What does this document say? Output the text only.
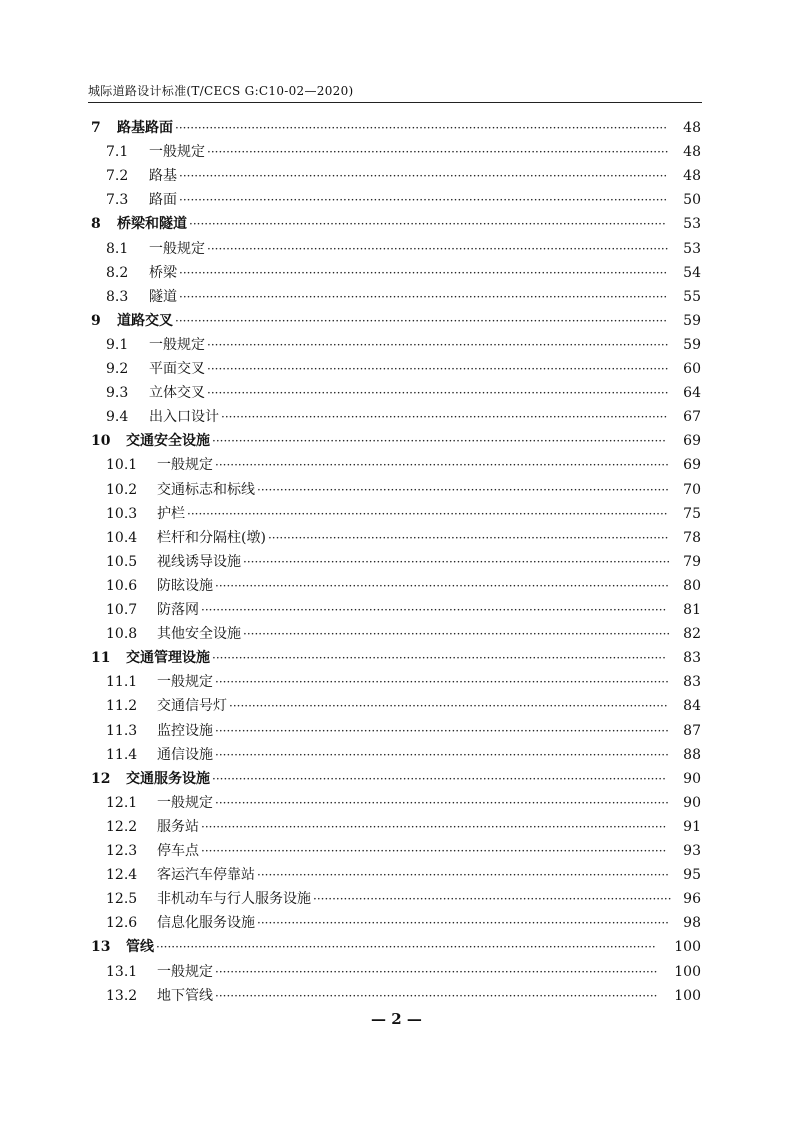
城际道路设计标准(T/CECS G:C10-02—2020)
7 路基路面 ·································································································································	48
7.1 一般规定 ·························································································································	48
7.2 路基 ································································································································	48
7.3 路面 ································································································································	50
8 桥梁和隧道 ·····························································································································	53
8.1 一般规定 ·························································································································	53
8.2 桥梁 ································································································································	54
8.3 隧道 ································································································································	55
9 道路交叉 ·································································································································	59
9.1 一般规定 ·························································································································	59
9.2 平面交叉 ·························································································································	60
9.3 立体交叉 ·························································································································	64
9.4 出入口设计 ·····················································································································	67
10 交通安全设施 ·······················································································································	69
10.1 一般规定 ·······················································································································	69
10.2 交通标志和标线 ············································································································	70
10.3 护栏 ······························································································································	75
10.4 栏杆和分隔柱(墩) ·········································································································	78
10.5 视线诱导设施 ················································································································ 79
10.6 防眩设施 ·······················································································································	80
10.7 防落网 ··························································································································	81
10.8 其他安全设施 ················································································································ 82
11 交通管理设施 ·······················································································································	83
11.1 一般规定 ·······················································································································	83
11.2 交通信号灯 ···················································································································	84
11.3 监控设施 ·······················································································································	87
11.4 通信设施 ·······················································································································	88
12 交通服务设施 ·······················································································································	90
12.1 一般规定 ·······················································································································	90
12.2 服务站 ··························································································································	91
12.3 停车点 ··························································································································	93
12.4 客运汽车停靠站 ············································································································	95
12.5 非机动车与行人服务设施 ······························································································ 96
12.6 信息化服务设施 ············································································································	98
13 管线 ···································································································································	100
13.1 一般规定 ····················································································································	100
13.2 地下管线 ····················································································································	100
— 2 —
